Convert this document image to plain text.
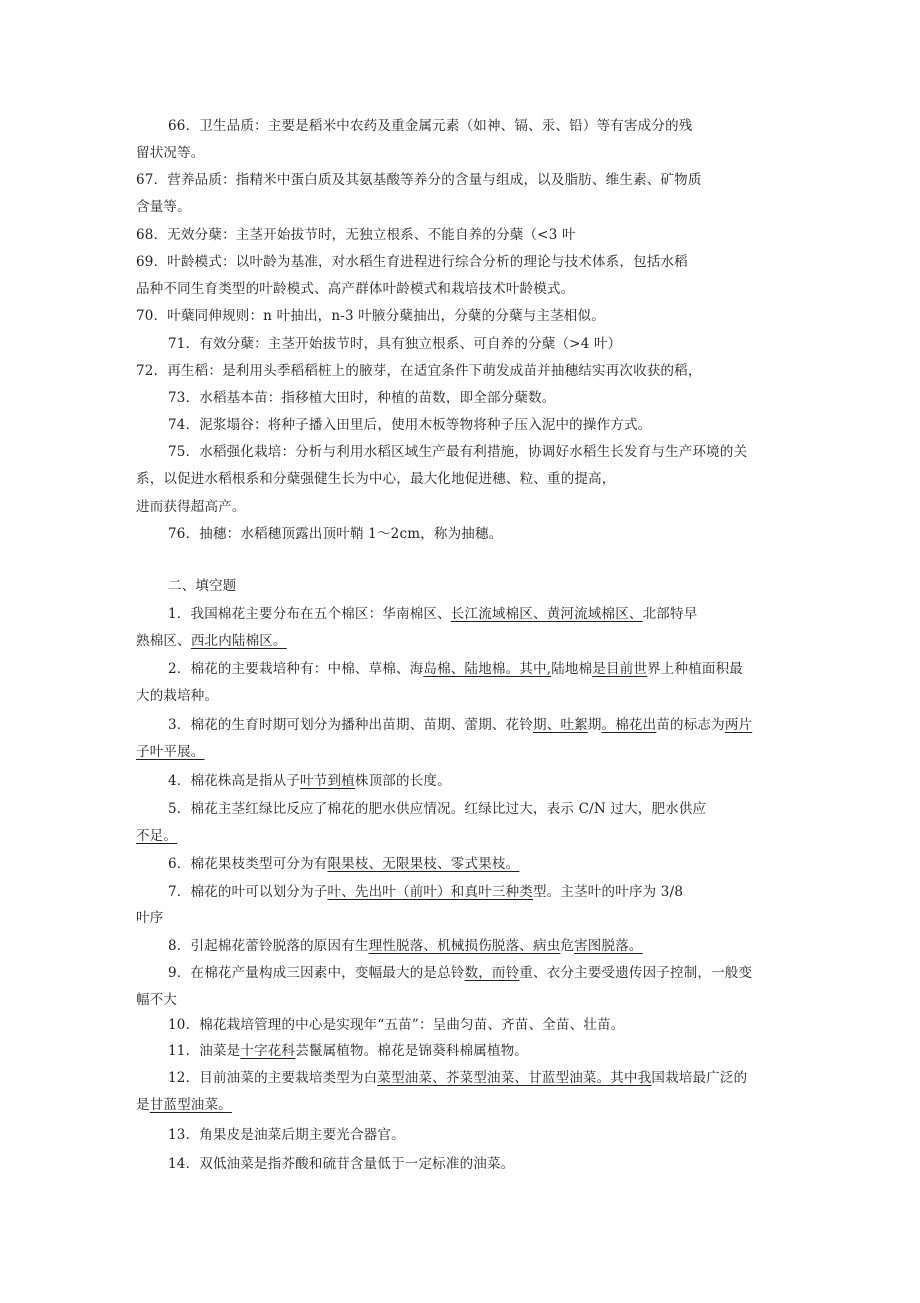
66．卫生品质：主要是稻米中农药及重金属元素（如神、镉、汞、铅）等有害成分的残
留状况等。
67．营养品质：指精米中蛋白质及其氨基酸等养分的含量与组成，以及脂肪、维生素、矿物质
含量等。
68．无效分蘖：主茎开始拔节时，无独立根系、不能自养的分蘖（<3 叶
69．叶龄模式：以叶龄为基准，对水稻生育进程进行综合分析的理论与技术体系，包括水稻
品种不同生育类型的叶龄模式、高产群体叶龄模式和栽培技术叶龄模式。
70．叶蘖同伸规则：n 叶抽出，n-3 叶腋分蘖抽出，分蘖的分蘖与主茎相似。
71．有效分蘖：主茎开始拔节时，具有独立根系、可自养的分蘖（>4 叶）
72．再生稻：是利用头季稻稻桩上的腋芽，在适宜条件下萌发成苗并抽穗结实再次收获的稻，
73．水稻基本苗：指移植大田时，种植的苗数，即全部分蘖数。
74．泥浆塌谷：将种子播入田里后，使用木板等物将种子压入泥中的操作方式。
75．水稻强化栽培：分析与利用水稻区域生产最有利措施，协调好水稻生长发育与生产环境的关
系，以促进水稻根系和分蘖强健生长为中心，最大化地促进穗、粒、重的提高，
进而获得超高产。
76．抽穗：水稻穗顶露出顶叶鞘 1～2cm，称为抽穗。
二、填空题
1．我国棉花主要分布在五个棉区：华南棉区、长江流域棉区、黄河流域棉区、北部特早
熟棉区、西北内陆棉区。
2．棉花的主要栽培种有：中棉、草棉、海岛棉、陆地棉。其中,陆地棉是目前世界上种植面积最
大的栽培种。
3．棉花的生育时期可划分为播种出苗期、苗期、蕾期、花铃期、吐絮期。棉花出苗的标志为两片
子叶平展。
4．棉花株高是指从子叶节到植株顶部的长度。
5．棉花主茎红绿比反应了棉花的肥水供应情况。红绿比过大，表示 C/N 过大，肥水供应
不足。
6．棉花果枝类型可分为有限果枝、无限果枝、零式果枝。
7．棉花的叶可以划分为子叶、先出叶（前叶）和真叶三种类型。主茎叶的叶序为 3/8
叶序
8．引起棉花蕾铃脱落的原因有生理性脱落、机械损伤脱落、病虫危害图脱落。
9．在棉花产量构成三因素中，变幅最大的是总铃数，而铃重、衣分主要受遗传因子控制，一般变
幅不大
10．棉花栽培管理的中心是实现年“五苗”：呈曲匀苗、齐苗、全苗、壮苗。
11．油菜是十字花科芸鬣属植物。棉花是锦葵科棉属植物。
12．目前油菜的主要栽培类型为白菜型油菜、芥菜型油菜、甘蓝型油菜。其中我国栽培最广泛的
是甘蓝型油菜。
13．角果皮是油菜后期主要光合器官。
14．双低油菜是指芥酸和硫苷含量低于一定标准的油菜。
